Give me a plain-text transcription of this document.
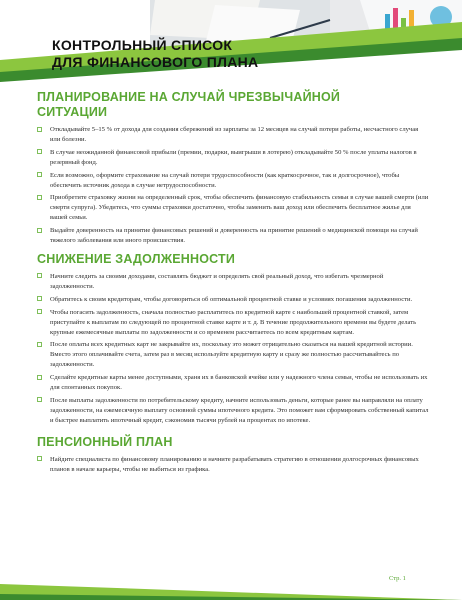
КОНТРОЛЬНЫЙ СПИСОК
ДЛЯ ФИНАНСОВОГО ПЛАНА
ПЛАНИРОВАНИЕ НА СЛУЧАЙ ЧРЕЗВЫЧАЙНОЙ
СИТУАЦИИ
Откладывайте 5–15 % от дохода для создания сбережений из зарплаты за 12 месяцев на случай потери работы, несчастного случая или болезни.
В случае неожиданной финансовой прибыли (премии, подарки, выигрыши в лотерею) откладывайте 50 % после уплаты налогов в резервный фонд.
Если возможно, оформите страхование на случай потери трудоспособности (как краткосрочное, так и долгосрочное), чтобы обеспечить источник дохода в случае нетрудоспособности.
Приобретите страховку жизни на определенный срок, чтобы обеспечить финансовую стабильность семьи в случае вашей смерти (или смерти супруга). Убедитесь, что суммы страховки достаточно, чтобы заменить ваш доход или обеспечить бесплатное жилье для вашей семьи.
Выдайте доверенность на принятие финансовых решений и доверенность на принятие решений о медицинской помощи на случай тяжелого заболевания или иного происшествия.
СНИЖЕНИЕ ЗАДОЛЖЕННОСТИ
Начните следить за своими доходами, составлять бюджет и определять свой реальный доход, что избегать чрезмерной задолженности.
Обратитесь к своим кредиторам, чтобы договориться об оптимальной процентной ставке и условиях погашения задолженности.
Чтобы погасить задолженность, сначала полностью расплатитесь по кредитной карте с наибольшей процентной ставкой, затем приступайте к выплатам по следующей по процентной ставке карте и т. д. В течение продолжительного времени вы будете делать крупные ежемесячные выплаты по задолженности и со временем рассчитаетесь по всем кредитным картам.
После оплаты всех кредитных карт не закрывайте их, поскольку это может отрицательно сказаться на вашей кредитной истории. Вместо этого оплачивайте счета, затем раз в месяц используйте кредитную карту и сразу же полностью рассчитывайтесь по задолженности.
Сделайте кредитные карты менее доступными, храня их в банковской ячейке или у надежного члена семьи, чтобы не использовать их для спонтанных покупок.
После выплаты задолженности по потребительскому кредиту, начните использовать деньги, которые ранее вы направляли на оплату задолженности, на ежемесячную выплату основной суммы ипотечного кредита. Это поможет вам сформировать собственный капитал и быстрее выплатить ипотечный кредит, сэкономив тысячи рублей на процентах по ипотеке.
ПЕНСИОННЫЙ ПЛАН
Найдите специалиста по финансовому планированию и начните разрабатывать стратегию в отношении долгосрочных финансовых планов в начале карьеры, чтобы не выбиться из графика.
Стр. 1
